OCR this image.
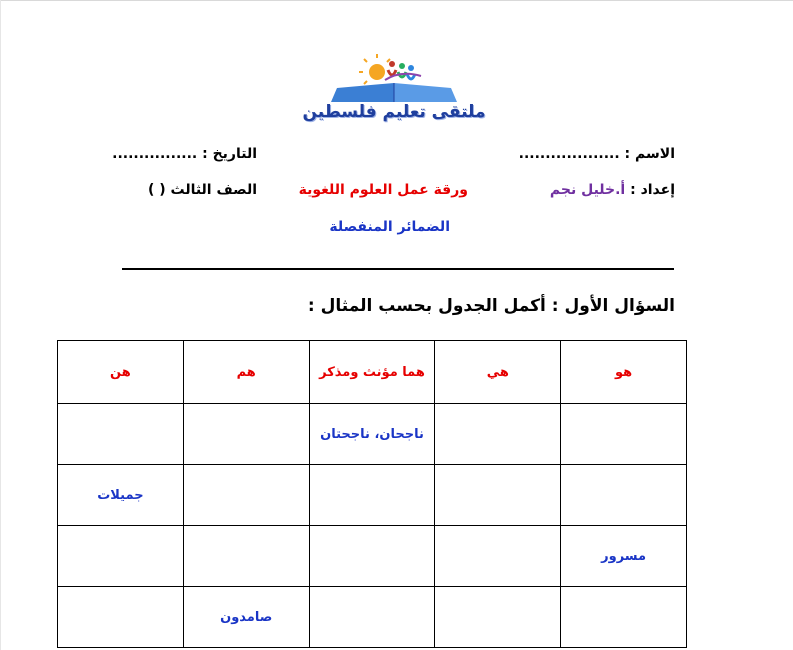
ملتقى تعليم فلسطين
الاسم : ...................
التاريخ : ................
إعداد : أ.خليل نجم
ورقة عمل العلوم اللغوية
الصف الثالث ( )
الضمائر المنفصلة
السؤال الأول : أكمل الجدول بحسب المثال :
هو	هي	هما مؤنث ومذكر	هم	هن
		ناجحان، ناجحتان		
				جميلات
مسرور				
			صامدون	
